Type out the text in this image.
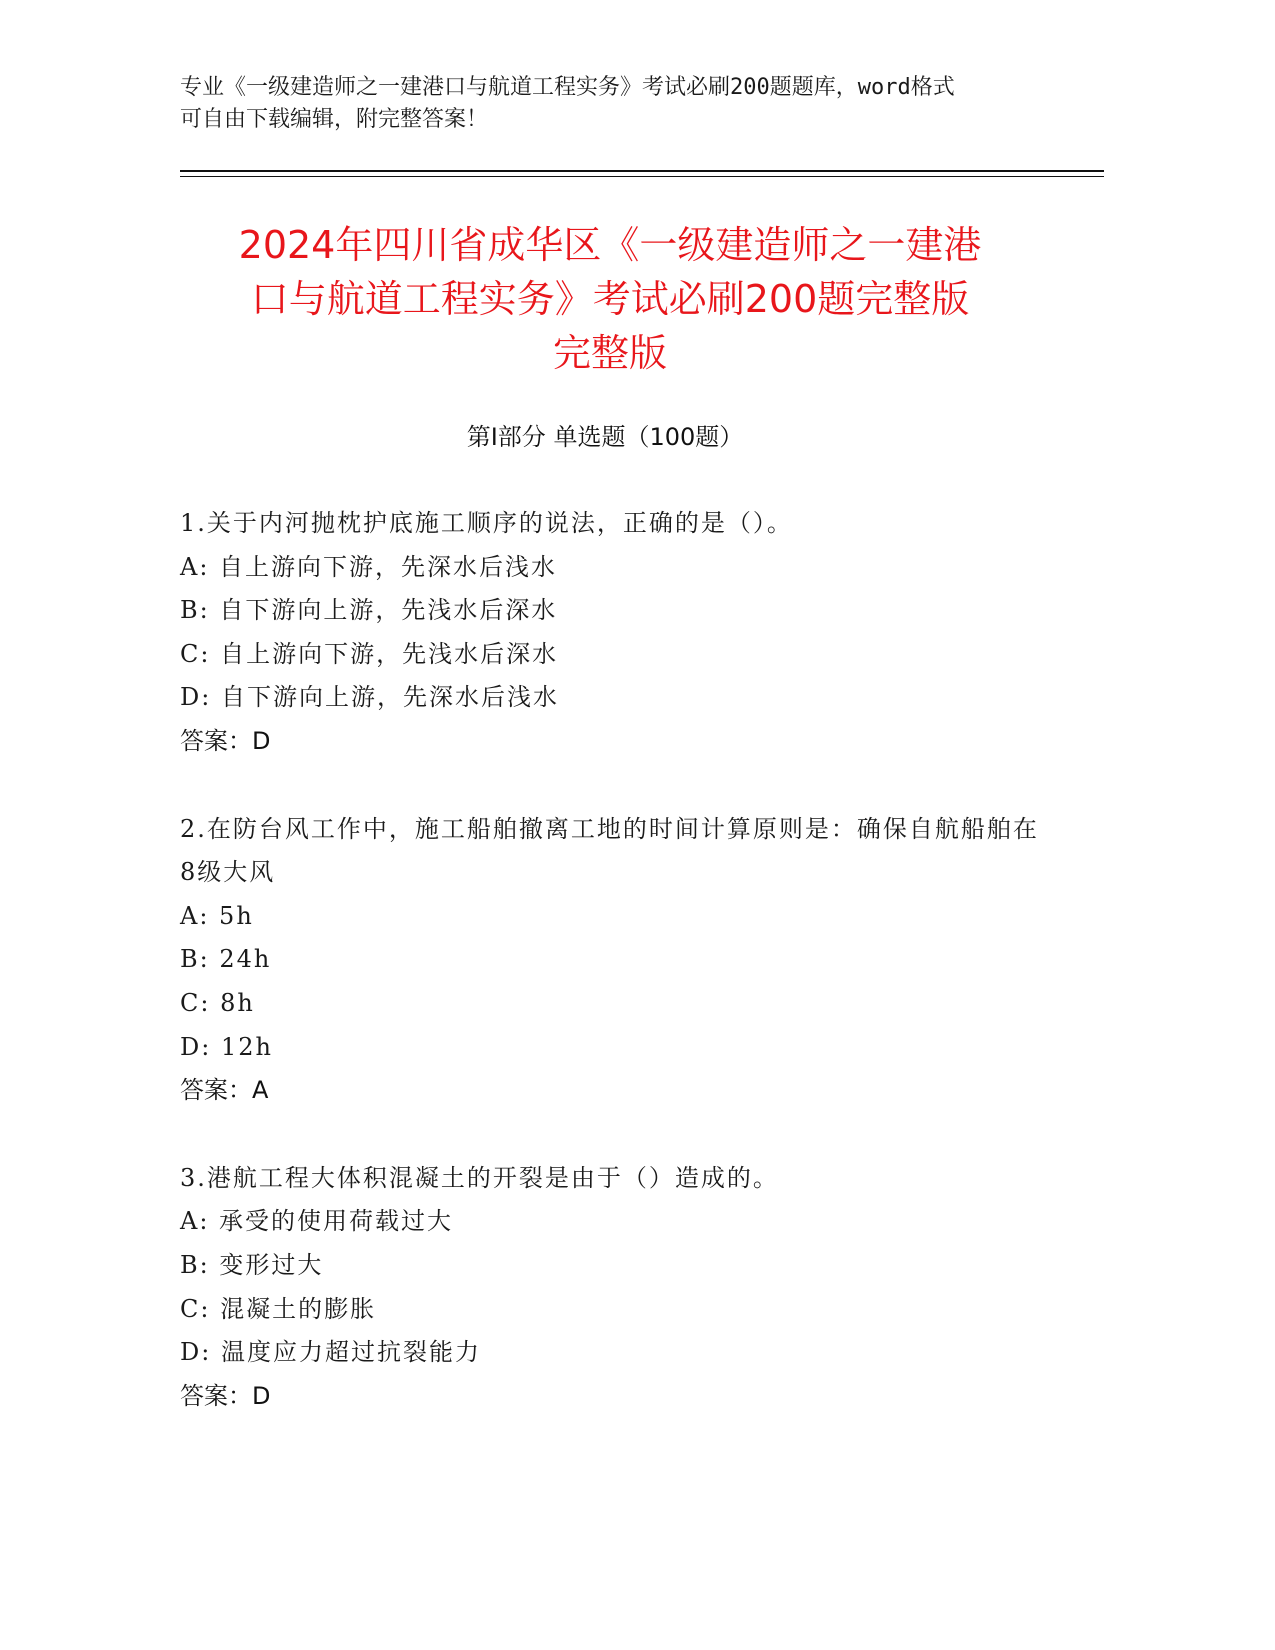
专业《一级建造师之一建港口与航道工程实务》考试必刷200题题库，word格式
可自由下载编辑，附完整答案！
2024年四川省成华区《一级建造师之一建港
口与航道工程实务》考试必刷200题完整版
完整版
第Ⅰ部分 单选题（100题）
1.关于内河抛枕护底施工顺序的说法，正确的是（）。
A: 自上游向下游，先深水后浅水
B: 自下游向上游，先浅水后深水
C: 自上游向下游，先浅水后深水
D: 自下游向上游，先深水后浅水
答案：D
2.在防台风工作中，施工船舶撤离工地的时间计算原则是：确保自航船舶在8级大风
A: 5h
B: 24h
C: 8h
D: 12h
答案：A
3.港航工程大体积混凝土的开裂是由于（）造成的。
A: 承受的使用荷载过大
B: 变形过大
C: 混凝土的膨胀
D: 温度应力超过抗裂能力
答案：D
